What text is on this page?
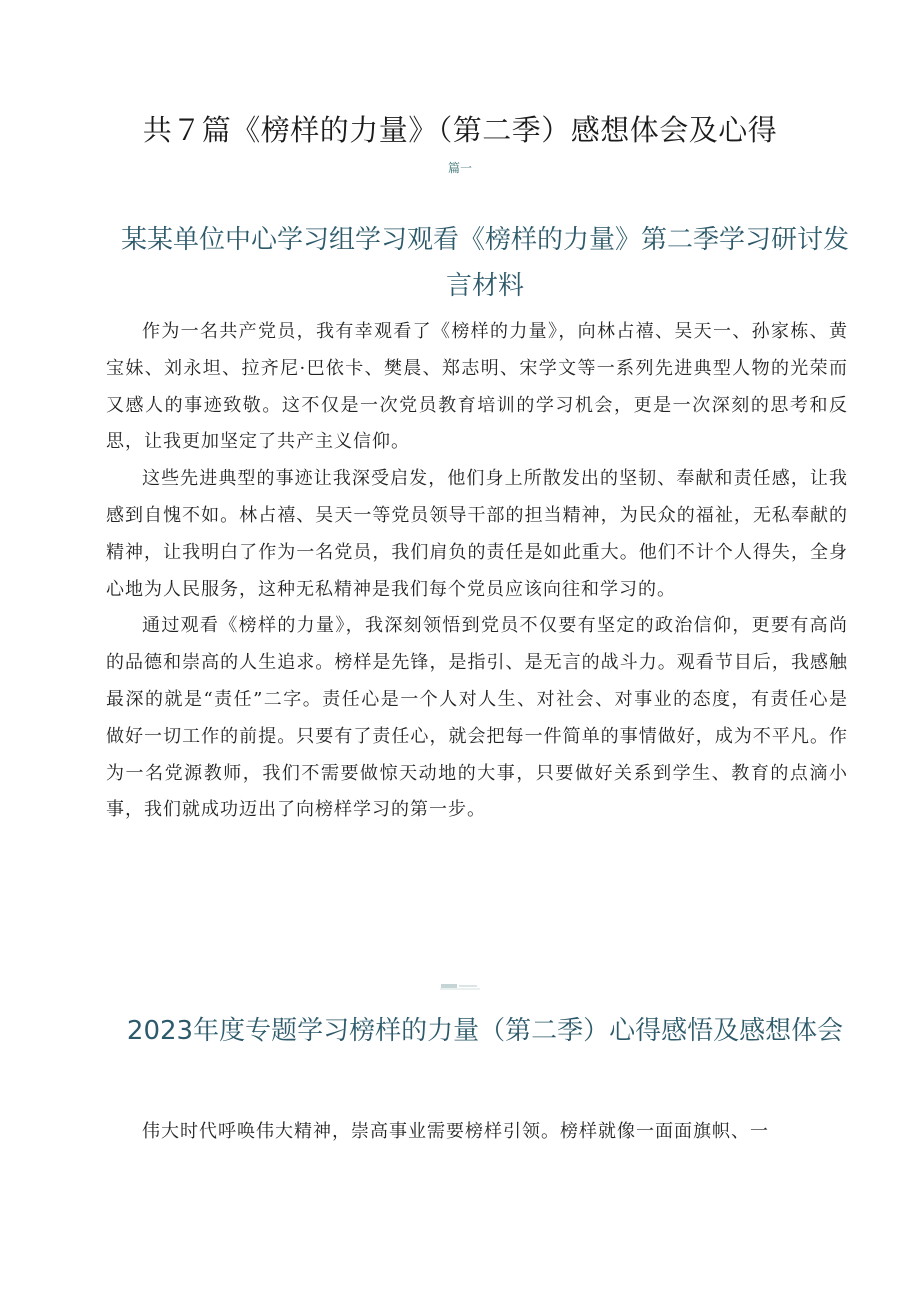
共７篇《榜样的力量》（第二季）感想体会及心得
篇一
某某单位中心学习组学习观看《榜样的力量》第二季学习研讨发言材料

作为一名共产党员，我有幸观看了《榜样的力量》，向林占禧、吴天一、孙家栋、黄宝妹、刘永坦、拉齐尼·巴依卡、樊晨、郑志明、宋学文等一系列先进典型人物的光荣而又感人的事迹致敬。这不仅是一次党员教育培训的学习机会，更是一次深刻的思考和反思，让我更加坚定了共产主义信仰。

这些先进典型的事迹让我深受启发，他们身上所散发出的坚韧、奉献和责任感，让我感到自愧不如。林占禧、吴天一等党员领导干部的担当精神，为民众的福祉，无私奉献的精神，让我明白了作为一名党员，我们肩负的责任是如此重大。他们不计个人得失，全身心地为人民服务，这种无私精神是我们每个党员应该向往和学习的。

通过观看《榜样的力量》，我深刻领悟到党员不仅要有坚定的政治信仰，更要有高尚的品德和崇高的人生追求。榜样是先锋，是指引、是无言的战斗力。观看节目后，我感触最深的就是“责任”二字。责任心是一个人对人生、对社会、对事业的态度，有责任心是做好一切工作的前提。只要有了责任心，就会把每一件简单的事情做好，成为不平凡。作为一名党源教师，我们不需要做惊天动地的大事，只要做好关系到学生、教育的点滴小事，我们就成功迈出了向榜样学习的第一步。

2023年度专题学习榜样的力量（第二季）心得感悟及感想体会

伟大时代呼唤伟大精神，崇高事业需要榜样引领。榜样就像一面面旗帜、一
